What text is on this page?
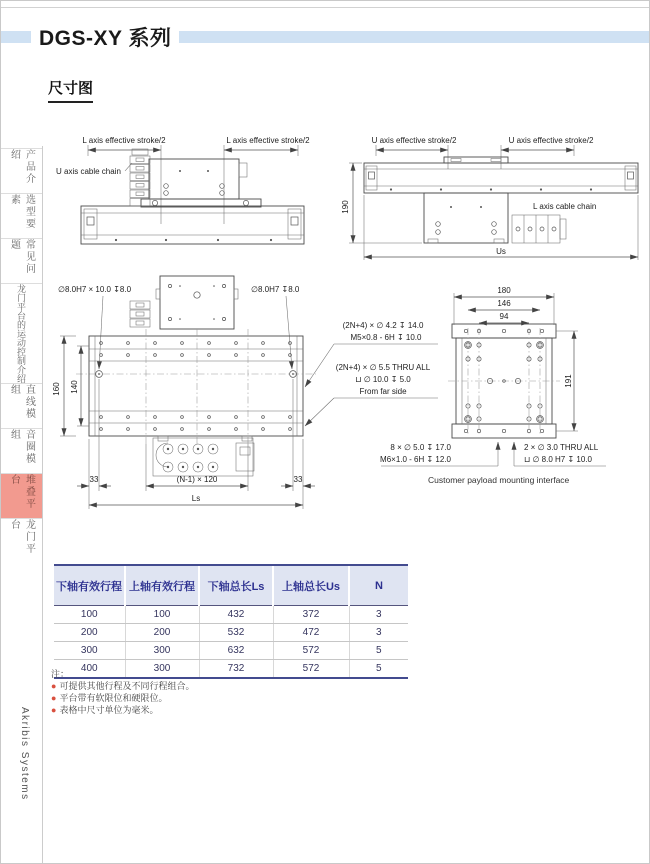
DGS-XY 系列
尺寸图
产品介绍
选型要素
常见问题
龙门平台的运动控制介绍
直线模组
音圈模组
堆叠平台
龙门平台
Akribis Systems
L axis effective stroke/2	L axis effective stroke/2
U axis cable chain
U axis effective stroke/2	U axis effective stroke/2
L axis cable chain
190
Us
∅8.0H7 × 10.0 ↧8.0	∅8.0H7 ↧8.0
160 140
33	(N-1) × 120	33
Ls
(2N+4) × ∅ 4.2 ↧ 14.0
M5×0.8 - 6H ↧ 10.0
(2N+4) × ∅ 5.5 THRU ALL
⊔ ∅ 10.0 ↧ 5.0
From far side
180
146
94
191
8 × ∅ 5.0 ↧ 17.0
M6×1.0 - 6H ↧ 12.0
2 × ∅ 3.0 THRU ALL
⊔ ∅ 8.0 H7 ↧ 10.0
Customer payload mounting interface
下轴有效行程	上轴有效行程	下轴总长Ls	上轴总长Us	N
100	100	432	372	3
200	200	532	472	3
300	300	632	572	5
400	300	732	572	5
注：
● 可提供其他行程及不同行程组合。
● 平台带有软限位和硬限位。
● 表格中尺寸单位为毫米。
